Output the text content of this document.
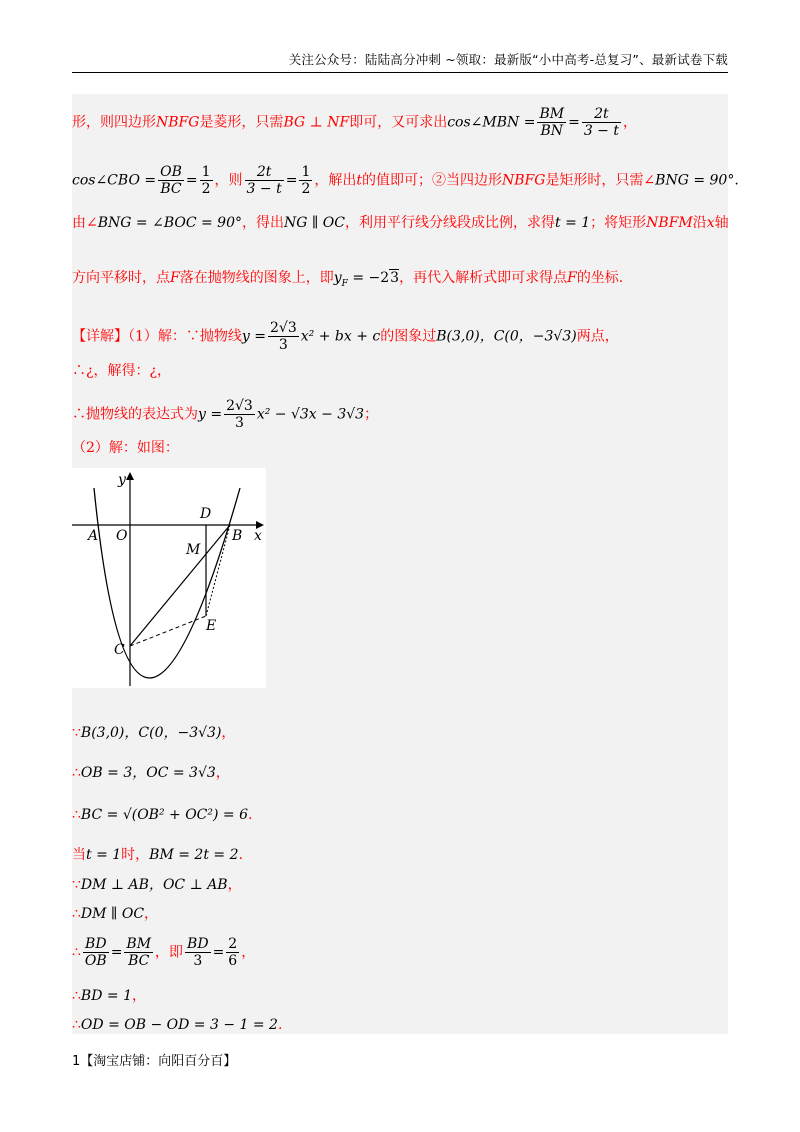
关注公众号：陆陆高分冲刺 ~领取：最新版“小中高考-总复习”、最新试卷下载
形，则四边形NBFG是菱形，只需BG ⊥ NF即可，又可求出cos∠MBN = $\frac{BM}{BN} = \frac{2t}{3 - t}$ ，
cos∠CBO = $\frac{OB}{BC} = \frac{1}{2}$ ，则 $\frac{2t}{3 - t} = \frac{1}{2}$ ，解出t的值即可；②当四边形NBFG是矩形时，只需∠BNG = 90°.
由∠BNG = ∠BOC = 90°，得出NG ∥ OC，利用平行线分线段成比例，求得t = 1；将矩形NBFM沿x轴
方向平移时，点F落在抛物线的图象上，即$y_F = -23$，再代入解析式即可求得点F的坐标.
【详解】（1）解：∵抛物线$y = \frac{2√3}{3} x^2$ + bx + c的图象过B(3,0)，C(0，−3√3)两点，
∴¿，解得：¿，
∴抛物线的表达式为$y = \frac{2√3}{3} x^2 - √3x - 3√3$；
（2）解：如图：
y
x
O
A	B
D
M
E
C
∵B(3,0)，C(0，−3√3)，
∴OB = 3，OC = 3√3，
∴BC = √(OB² + OC²) = 6.
当t = 1时，BM = 2t = 2.
∵DM ⊥ AB，OC ⊥ AB，
∴DM ∥ OC，
∴ $\frac{BD}{OB} = \frac{BM}{BC}$ ，即 $\frac{BD}{3} = \frac{2}{6}$ ，
∴BD = 1，
∴OD = OB − OD = 3 − 1 = 2.
1【淘宝店铺：向阳百分百】
